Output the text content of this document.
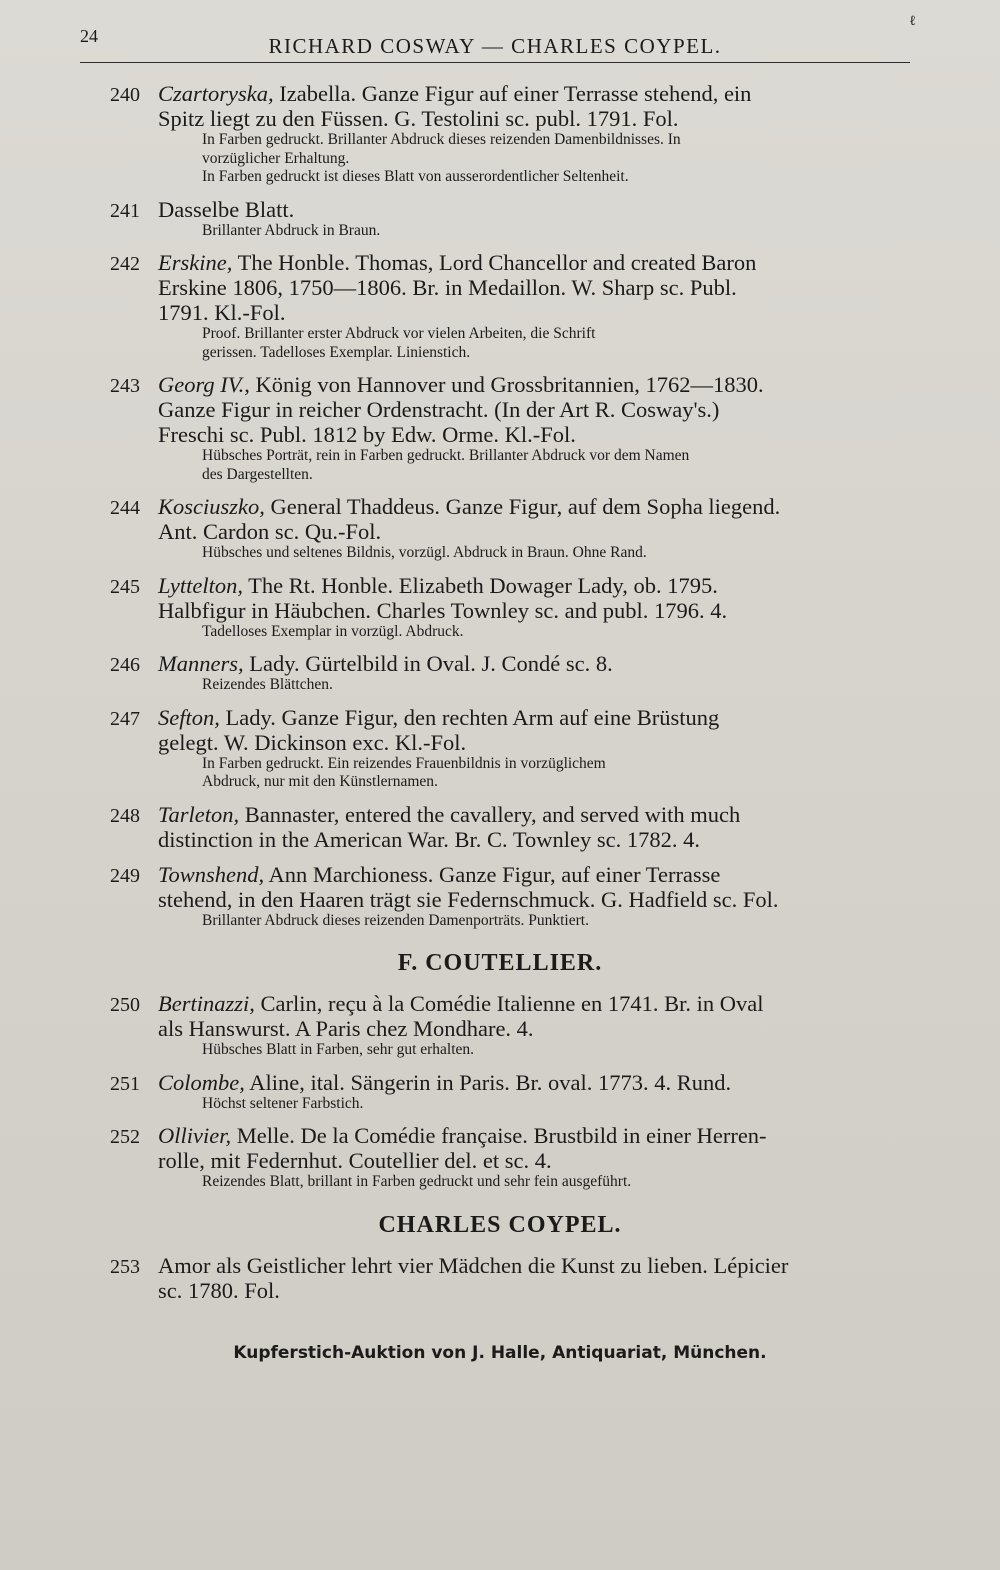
24	RICHARD COSWAY — CHARLES COYPEL.
ℓ
240 Czartoryska, Izabella. Ganze Figur auf einer Terrasse stehend, ein
Spitz liegt zu den Füssen. G. Testolini sc. publ. 1791. Fol.
In Farben gedruckt. Brillanter Abdruck dieses reizenden Damenbildnisses. In
vorzüglicher Erhaltung.
In Farben gedruckt ist dieses Blatt von ausserordentlicher Seltenheit.
241 Dasselbe Blatt.
Brillanter Abdruck in Braun.
242 Erskine, The Honble. Thomas, Lord Chancellor and created Baron
Erskine 1806, 1750—1806. Br. in Medaillon. W. Sharp sc. Publ.
1791. Kl.-Fol.
Proof. Brillanter erster Abdruck vor vielen Arbeiten, die Schrift
gerissen. Tadelloses Exemplar. Linienstich.
243 Georg IV., König von Hannover und Grossbritannien, 1762—1830.
Ganze Figur in reicher Ordenstracht. (In der Art R. Cosway's.)
Freschi sc. Publ. 1812 by Edw. Orme. Kl.-Fol.
Hübsches Porträt, rein in Farben gedruckt. Brillanter Abdruck vor dem Namen
des Dargestellten.
244 Kosciuszko, General Thaddeus. Ganze Figur, auf dem Sopha liegend.
Ant. Cardon sc. Qu.-Fol.
Hübsches und seltenes Bildnis, vorzügl. Abdruck in Braun. Ohne Rand.
245 Lyttelton, The Rt. Honble. Elizabeth Dowager Lady, ob. 1795.
Halbfigur in Häubchen. Charles Townley sc. and publ. 1796. 4.
Tadelloses Exemplar in vorzügl. Abdruck.
246 Manners, Lady. Gürtelbild in Oval. J. Condé sc. 8.
Reizendes Blättchen.
247 Sefton, Lady. Ganze Figur, den rechten Arm auf eine Brüstung
gelegt. W. Dickinson exc. Kl.-Fol.
In Farben gedruckt. Ein reizendes Frauenbildnis in vorzüglichem
Abdruck, nur mit den Künstlernamen.
248 Tarleton, Bannaster, entered the cavallery, and served with much
distinction in the American War. Br. C. Townley sc. 1782. 4.
249 Townshend, Ann Marchioness. Ganze Figur, auf einer Terrasse
stehend, in den Haaren trägt sie Federnschmuck. G. Hadfield sc. Fol.
Brillanter Abdruck dieses reizenden Damenporträts. Punktiert.
F. COUTELLIER.
250 Bertinazzi, Carlin, reçu à la Comédie Italienne en 1741. Br. in Oval
als Hanswurst. A Paris chez Mondhare. 4.
Hübsches Blatt in Farben, sehr gut erhalten.
251 Colombe, Aline, ital. Sängerin in Paris. Br. oval. 1773. 4. Rund.
Höchst seltener Farbstich.
252 Ollivier, Melle. De la Comédie française. Brustbild in einer Herren-
rolle, mit Federnhut. Coutellier del. et sc. 4.
Reizendes Blatt, brillant in Farben gedruckt und sehr fein ausgeführt.
CHARLES COYPEL.
253 Amor als Geistlicher lehrt vier Mädchen die Kunst zu lieben. Lépicier
sc. 1780. Fol.
Kupferstich-Auktion von J. Halle, Antiquariat, München.
